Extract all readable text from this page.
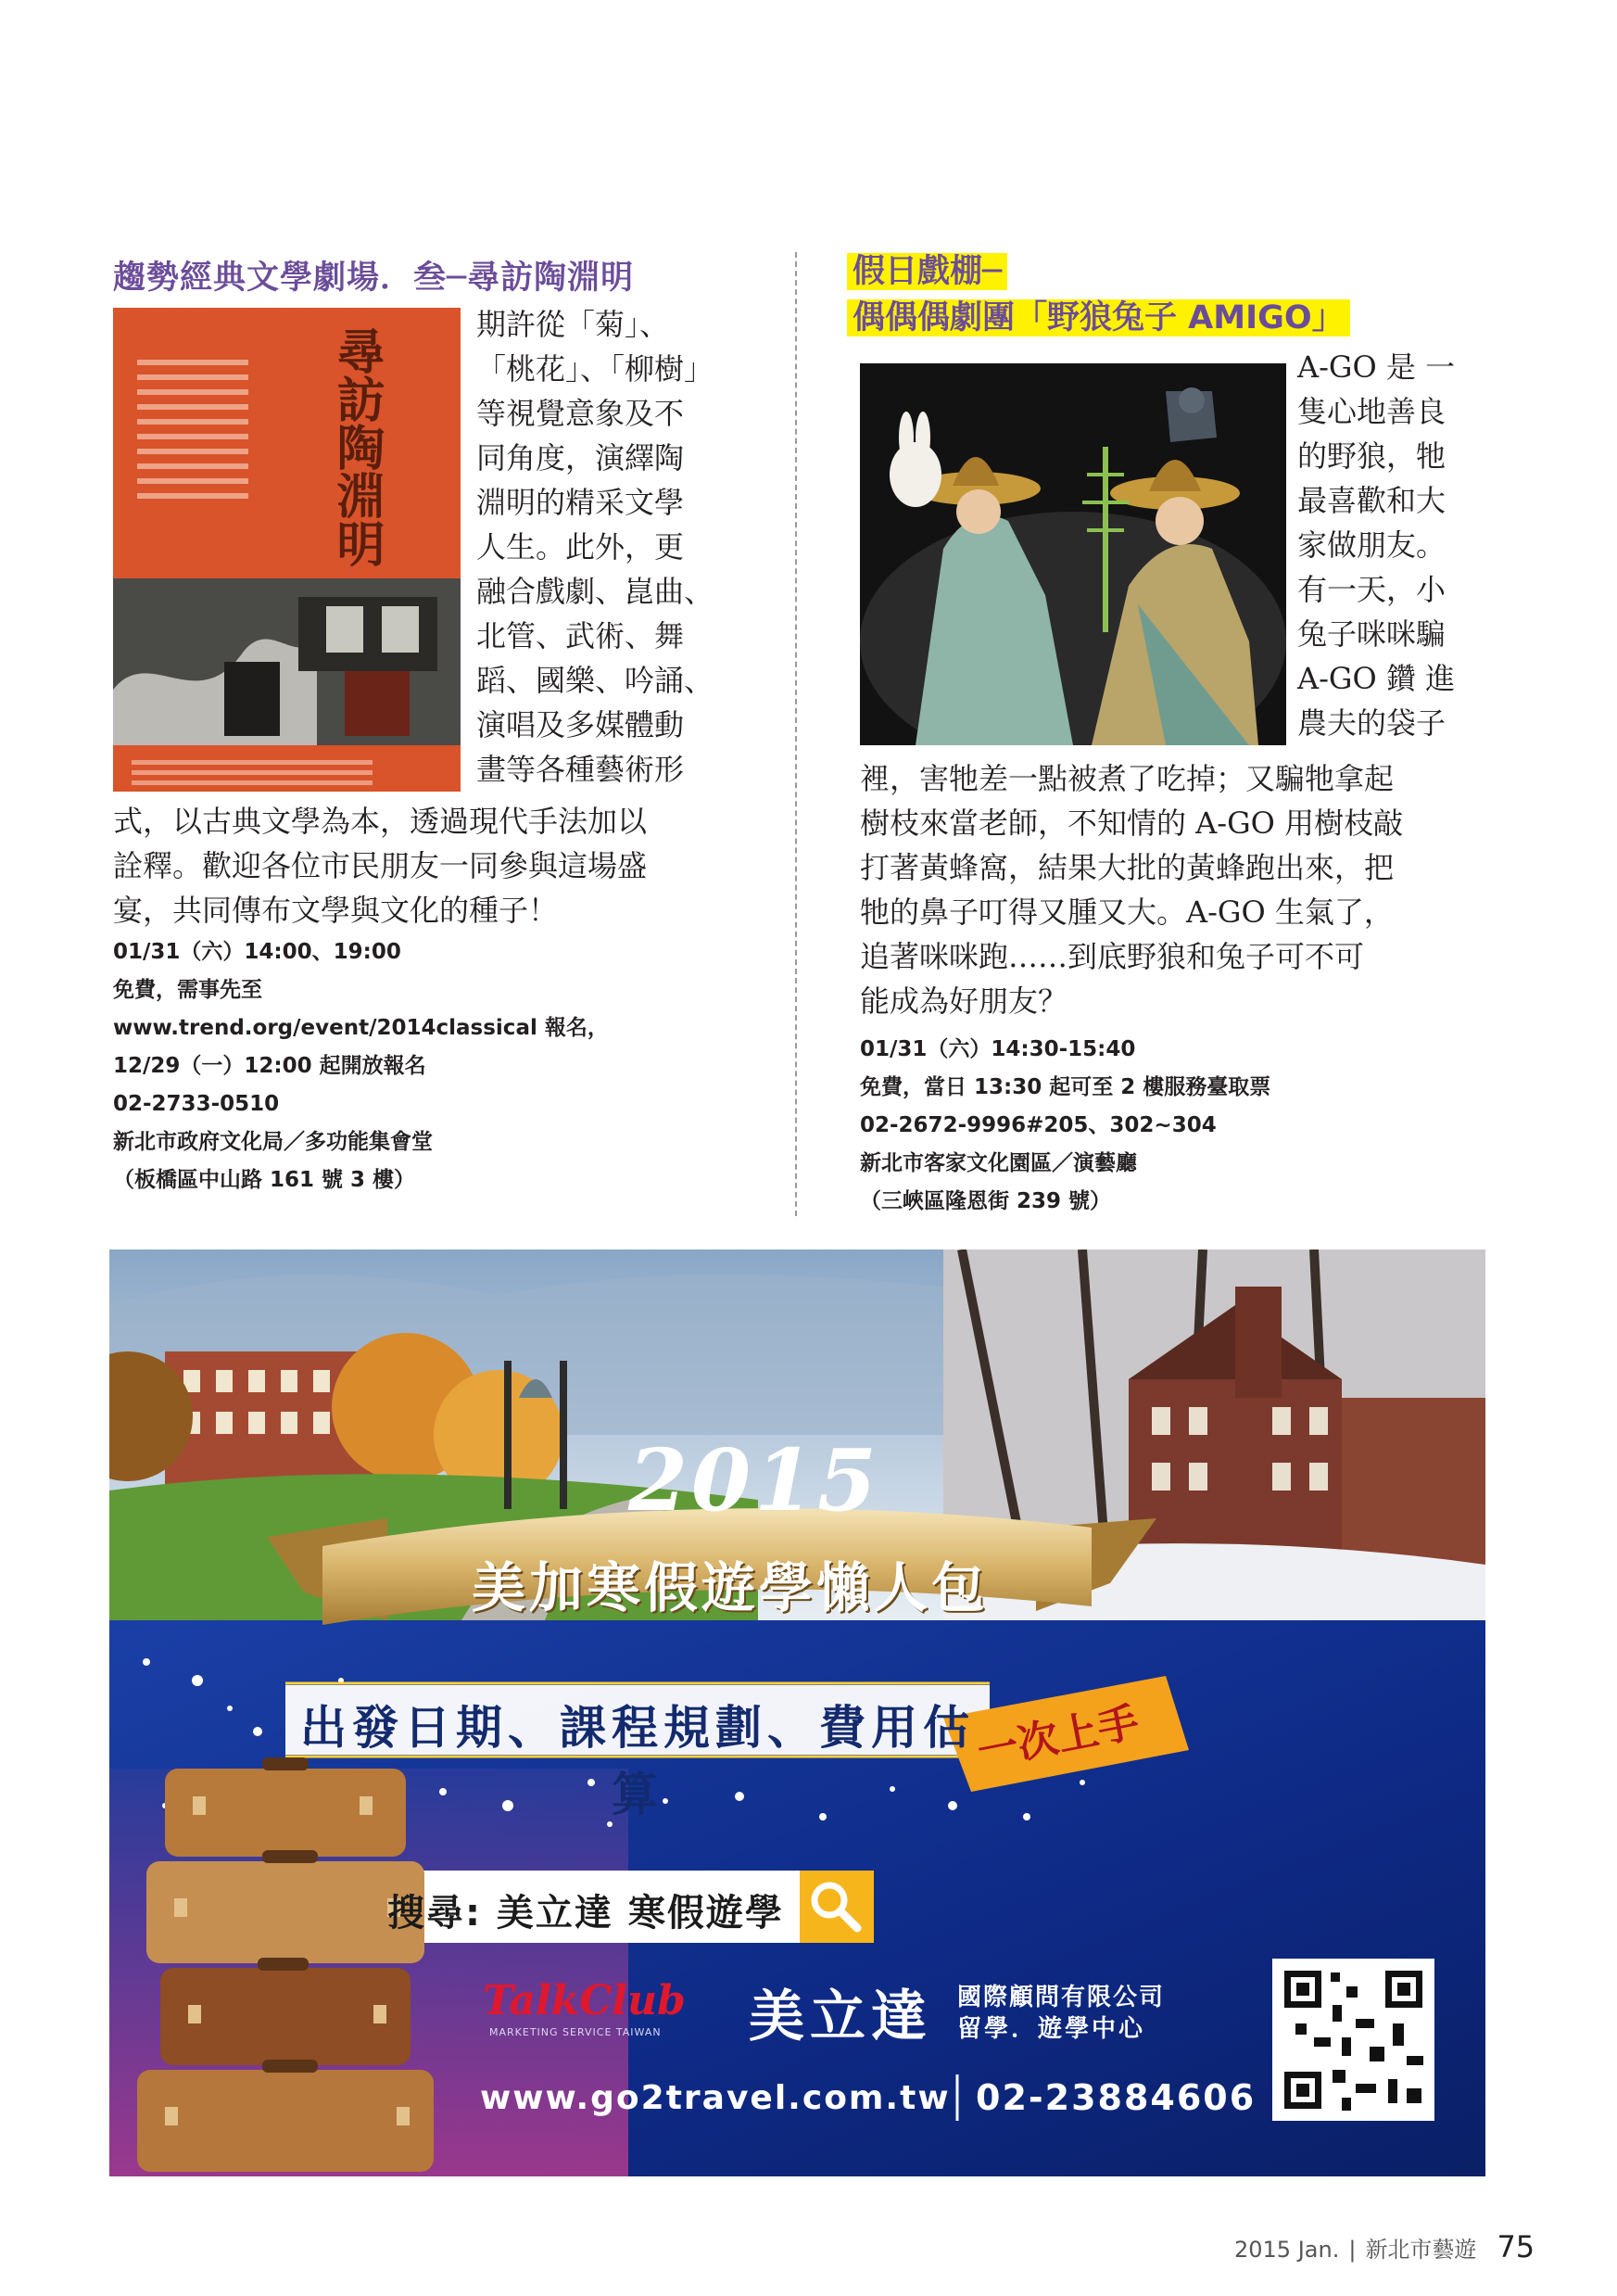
趨勢經典文學劇場．叁─尋訪陶淵明
尋訪陶淵明
期許從「菊」、
「桃花」、「柳樹」
等視覺意象及不
同角度，演繹陶
淵明的精采文學
人生。此外，更
融合戲劇、崑曲、
北管、武術、舞
蹈、國樂、吟誦、
演唱及多媒體動
畫等各種藝術形
式，以古典文學為本，透過現代手法加以
詮釋。歡迎各位市民朋友一同參與這場盛
宴，共同傳布文學與文化的種子！
01/31（六）14:00、19:00
免費，需事先至
www.trend.org/event/2014classical 報名，
12/29（一）12:00 起開放報名
02-2733-0510
新北市政府文化局／多功能集會堂
（板橋區中山路 161 號 3 樓）
假日戲棚─
偶偶偶劇團「野狼兔子 AMIGO」
A-GO 是 一
隻心地善良
的野狼，牠
最喜歡和大
家做朋友。
有一天，小
兔子咪咪騙
A-GO 鑽 進
農夫的袋子
裡，害牠差一點被煮了吃掉；又騙牠拿起
樹枝來當老師，不知情的 A-GO 用樹枝敲
打著黃蜂窩，結果大批的黃蜂跑出來，把
牠的鼻子叮得又腫又大。A-GO 生氣了，
追著咪咪跑……到底野狼和兔子可不可
能成為好朋友？
01/31（六）14:30-15:40
免費，當日 13:30 起可至 2 樓服務臺取票
02-2672-9996#205、302~304
新北市客家文化園區／演藝廳
（三峽區隆恩街 239 號）
2015
美加寒假遊學懶人包
出發日期、課程規劃、費用估算
一次上手
搜尋: 美立達 寒假遊學
TalkClub
MARKETING SERVICE TAIWAN 美立達 國際顧問有限公司
留學．遊學中心
www.go2travel.com.tw 02-23884606
2015 Jan. | 新北市藝遊 75
